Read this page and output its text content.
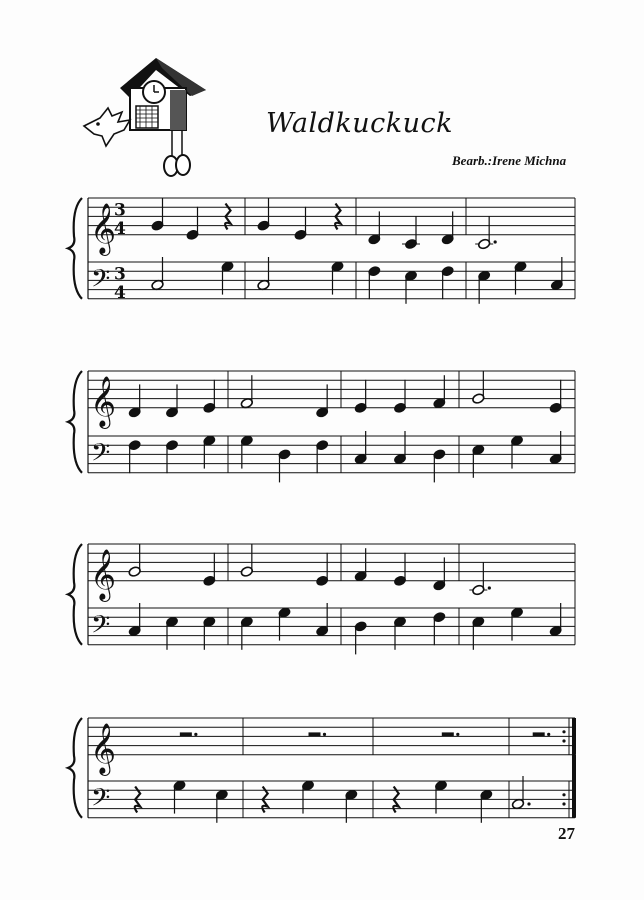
Waldkuckuck
Bearb.:Irene Michna
𝄞
𝄢
3
4
3
4
𝄞
𝄢
𝄞
𝄢
𝄞
𝄢
27
